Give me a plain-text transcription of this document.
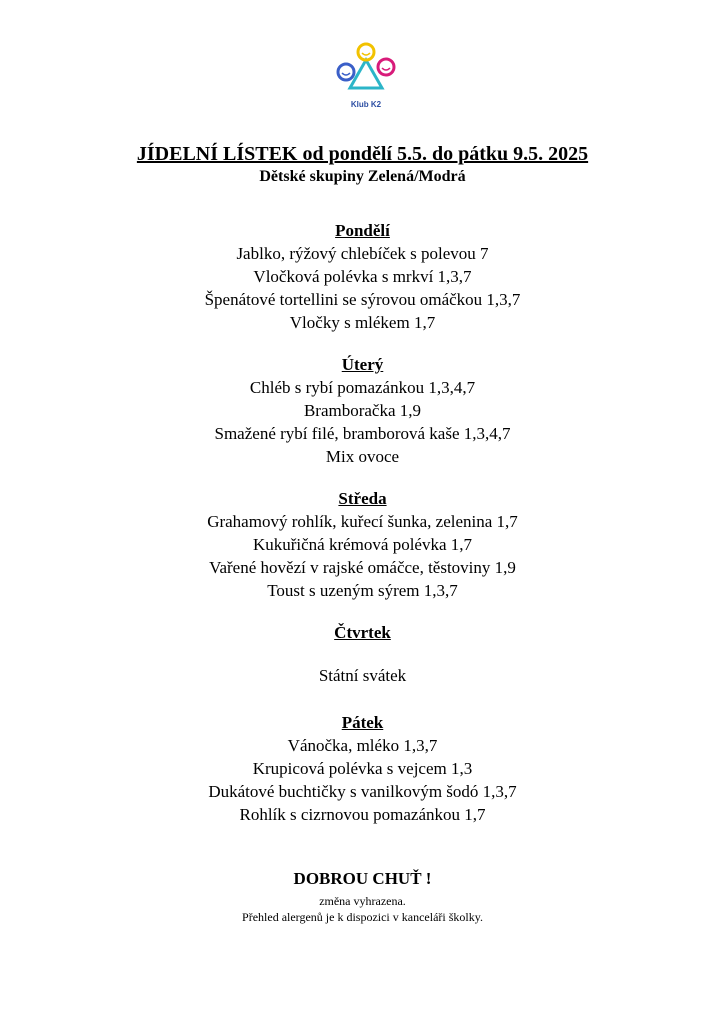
Klub K2
JÍDELNÍ LÍSTEK od pondělí 5.5. do pátku 9.5. 2025
Dětské skupiny Zelená/Modrá
Pondělí
Jablko, rýžový chlebíček s polevou 7
Vločková polévka s mrkví 1,3,7
Špenátové tortellini se sýrovou omáčkou 1,3,7
Vločky s mlékem 1,7
Úterý
Chléb s rybí pomazánkou 1,3,4,7
Bramboračka 1,9
Smažené rybí filé, bramborová kaše 1,3,4,7
Mix ovoce
Středa
Grahamový rohlík, kuřecí šunka, zelenina 1,7
Kukuřičná krémová polévka 1,7
Vařené hovězí v rajské omáčce, těstoviny 1,9
Toust s uzeným sýrem 1,3,7
Čtvrtek
Státní svátek
Pátek
Vánočka, mléko 1,3,7
Krupicová polévka s vejcem 1,3
Dukátové buchtičky s vanilkovým šodó 1,3,7
Rohlík s cizrnovou pomazánkou 1,7
DOBROU CHUŤ !
změna vyhrazena.
Přehled alergenů je k dispozici v kanceláři školky.
